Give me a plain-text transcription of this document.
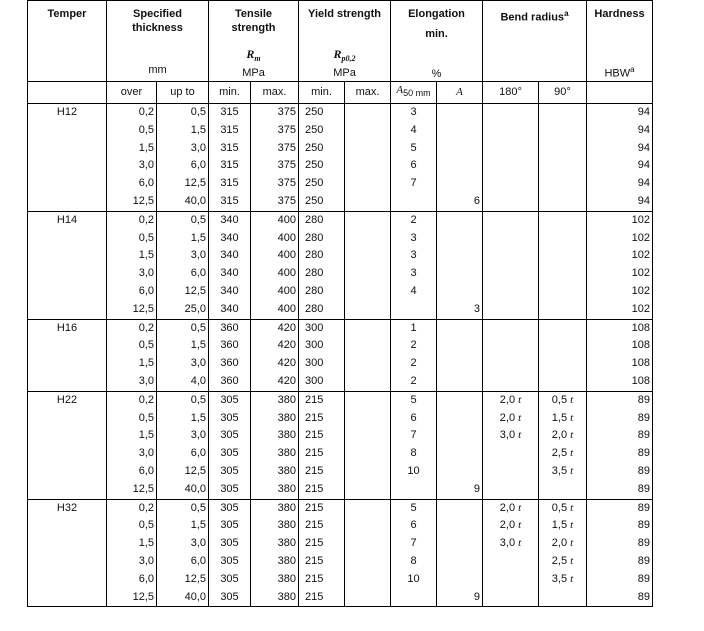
Temper	Specified
thickness
mm		Tensile
strength
$R_m$
MPa		Yield strength
$R_{p0,2}$
MPa		Elongation
min.
%		Bend radius$^a$		Hardness
HBW$^a$
	over	up to	min.	max.	min.	max.	$A_{50 mm}$	A	180°	90°	
H12	0,2	0,5	315	375	250		3				94
	0,5	1,5	315	375	250		4				94
	1,5	3,0	315	375	250		5				94
	3,0	6,0	315	375	250		6				94
	6,0	12,5	315	375	250		7				94
	12,5	40,0	315	375	250			6			94
H14	0,2	0,5	340	400	280		2				102
	0,5	1,5	340	400	280		3				102
	1,5	3,0	340	400	280		3				102
	3,0	6,0	340	400	280		3				102
	6,0	12,5	340	400	280		4				102
	12,5	25,0	340	400	280			3			102
H16	0,2	0,5	360	420	300		1				108
	0,5	1,5	360	420	300		2				108
	1,5	3,0	360	420	300		2				108
	3,0	4,0	360	420	300		2				108
H22	0,2	0,5	305	380	215		5		2,0 t	0,5 t	89
	0,5	1,5	305	380	215		6		2,0 t	1,5 t	89
	1,5	3,0	305	380	215		7		3,0 t	2,0 t	89
	3,0	6,0	305	380	215		8			2,5 t	89
	6,0	12,5	305	380	215		10			3,5 t	89
	12,5	40,0	305	380	215			9			89
H32	0,2	0,5	305	380	215		5		2,0 t	0,5 t	89
	0,5	1,5	305	380	215		6		2,0 t	1,5 t	89
	1,5	3,0	305	380	215		7		3,0 t	2,0 t	89
	3,0	6,0	305	380	215		8			2,5 t	89
	6,0	12,5	305	380	215		10			3,5 t	89
	12,5	40,0	305	380	215			9			89
